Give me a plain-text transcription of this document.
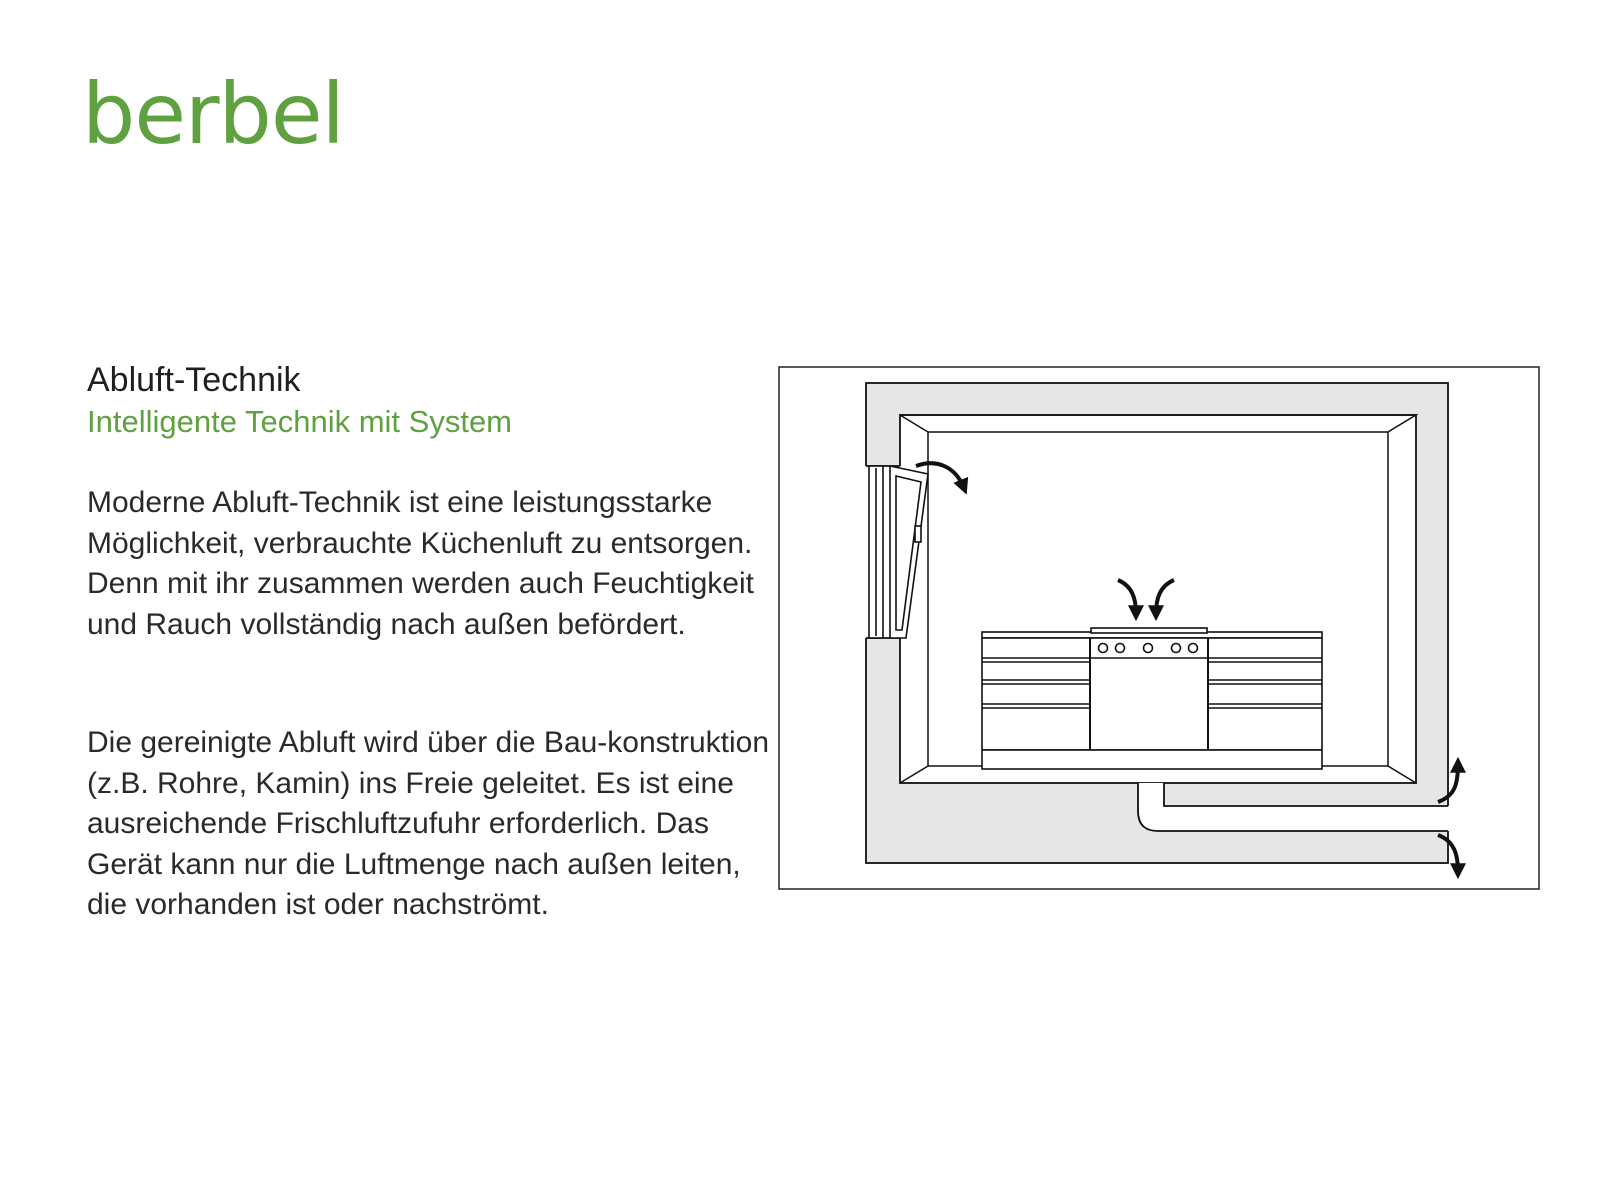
berbel
Abluft-Technik
Intelligente Technik mit System

Moderne Abluft-Technik ist eine leistungsstarke Möglichkeit, verbrauchte Küchenluft zu entsorgen. Denn mit ihr zusammen werden auch Feuchtigkeit und Rauch vollständig nach außen befördert.

Die gereinigte Abluft wird über die Bau-konstruktion (z.B. Rohre, Kamin) ins Freie geleitet. Es ist eine ausreichende Frischluftzufuhr erforderlich. Das Gerät kann nur die Luftmenge nach außen leiten, die vorhanden ist oder nachströmt.
